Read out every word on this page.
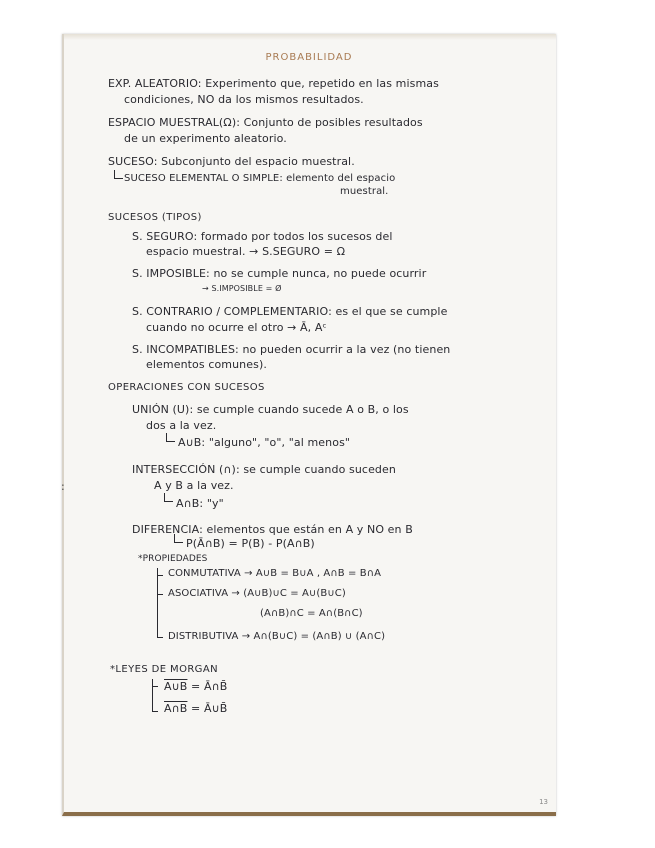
PROBABILIDAD
EXP. ALEATORIO: Experimento que, repetido en las mismas
condiciones, NO da los mismos resultados.
ESPACIO MUESTRAL(Ω): Conjunto de posibles resultados
de un experimento aleatorio.
SUCESO: Subconjunto del espacio muestral.
SUCESO ELEMENTAL O SIMPLE: elemento del espacio
muestral.
SUCESOS (TIPOS)
S. SEGURO: formado por todos los sucesos del
espacio muestral. → S.SEGURO = Ω
S. IMPOSIBLE: no se cumple nunca, no puede ocurrir
→ S.IMPOSIBLE = Ø
S. CONTRARIO / COMPLEMENTARIO: es el que se cumple
cuando no ocurre el otro → Ā, Aᶜ
S. INCOMPATIBLES: no pueden ocurrir a la vez (no tienen
elementos comunes).
OPERACIONES CON SUCESOS
UNIÓN (U): se cumple cuando sucede A o B, o los
dos a la vez.
A∪B: "alguno", "o", "al menos"
INTERSECCIÓN (∩): se cumple cuando suceden
A y B a la vez.
A∩B: "y"
DIFERENCIA: elementos que están en A y NO en B
P(Ā∩B) = P(B) - P(A∩B)
*PROPIEDADES
CONMUTATIVA → A∪B = B∪A , A∩B = B∩A
ASOCIATIVA → (A∪B)∪C = A∪(B∪C)
(A∩B)∩C = A∩(B∩C)
DISTRIBUTIVA → A∩(B∪C) = (A∩B) ∪ (A∩C)
*LEYES DE MORGAN
A∪B = Ā∩B̄
A∩B = Ā∪B̄
13
:
